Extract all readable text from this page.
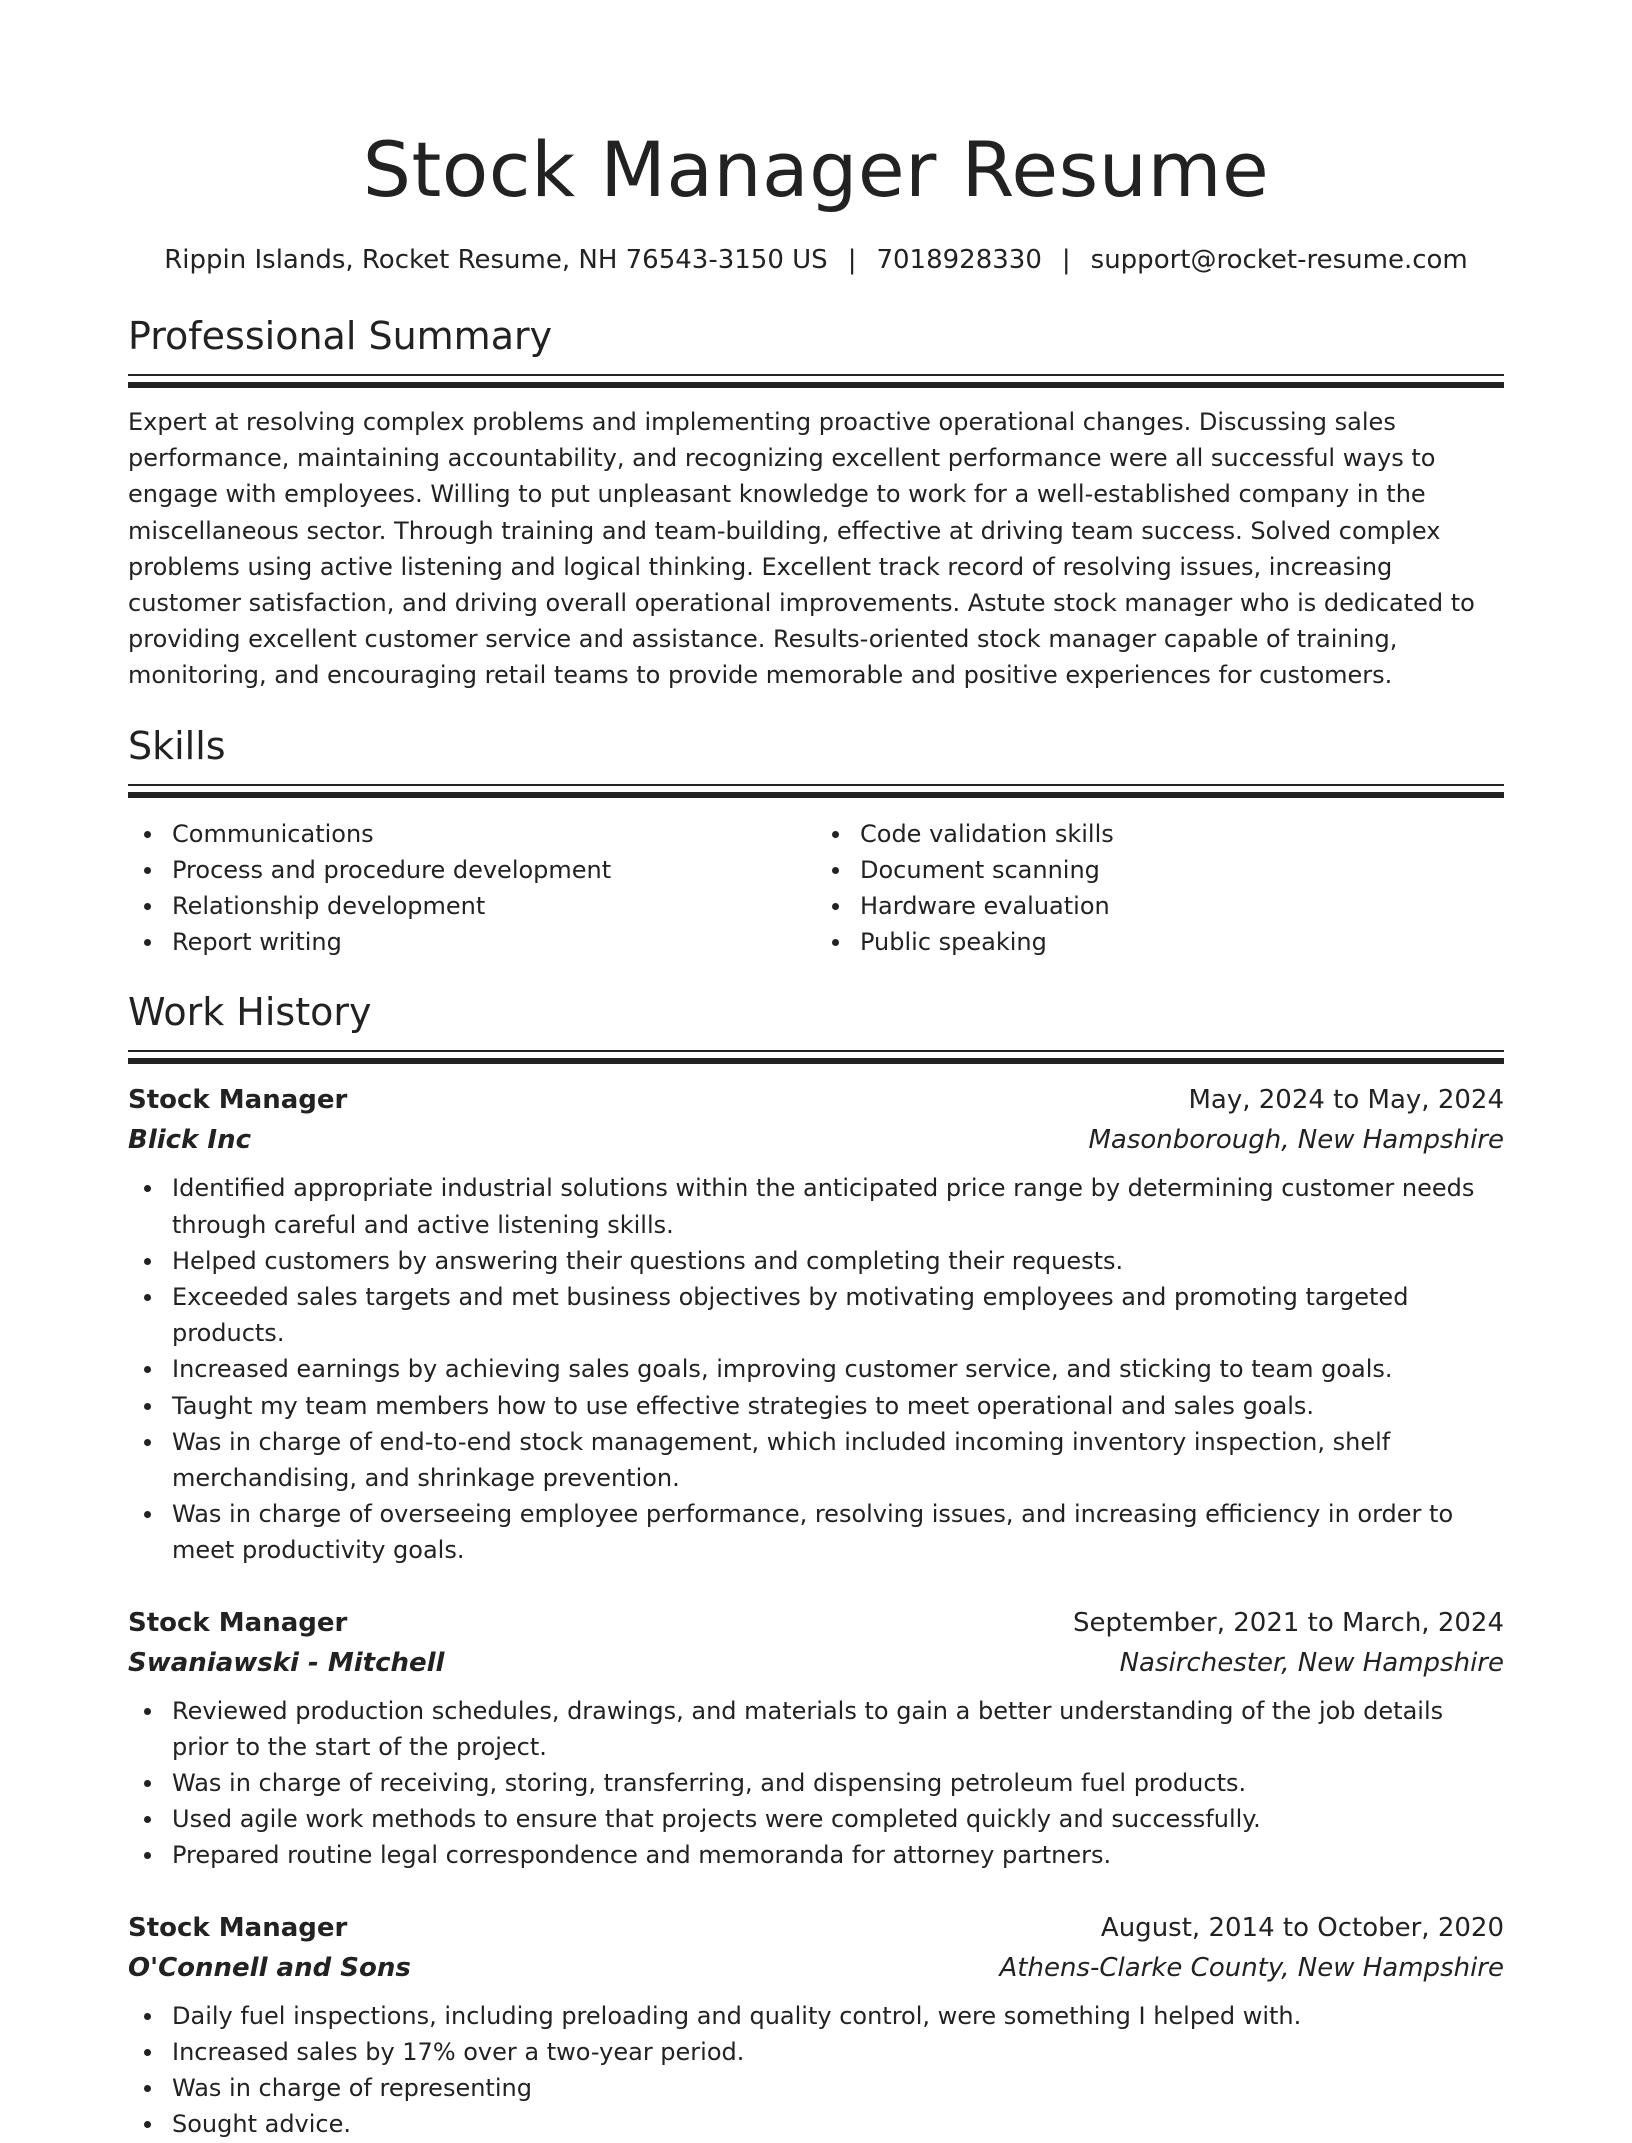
Stock Manager Resume
Rippin Islands, Rocket Resume, NH 76543-3150 US | 7018928330 | support@rocket-resume.com
Professional Summary

Expert at resolving complex problems and implementing proactive operational changes. Discussing sales performance, maintaining accountability, and recognizing excellent performance were all successful ways to engage with employees. Willing to put unpleasant knowledge to work for a well-established company in the miscellaneous sector. Through training and team-building, effective at driving team success. Solved complex problems using active listening and logical thinking. Excellent track record of resolving issues, increasing customer satisfaction, and driving overall operational improvements. Astute stock manager who is dedicated to providing excellent customer service and assistance. Results-oriented stock manager capable of training, monitoring, and encouraging retail teams to provide memorable and positive experiences for customers.

Skills
Communications
Process and procedure development
Relationship development
Report writing
Code validation skills
Document scanning
Hardware evaluation
Public speaking
Work History
Stock Manager	May, 2024 to May, 2024
Blick Inc	Masonborough, New Hampshire
Identified appropriate industrial solutions within the anticipated price range by determining customer needs through careful and active listening skills.
Helped customers by answering their questions and completing their requests.
Exceeded sales targets and met business objectives by motivating employees and promoting targeted products.
Increased earnings by achieving sales goals, improving customer service, and sticking to team goals.
Taught my team members how to use effective strategies to meet operational and sales goals.
Was in charge of end-to-end stock management, which included incoming inventory inspection, shelf merchandising, and shrinkage prevention.
Was in charge of overseeing employee performance, resolving issues, and increasing efficiency in order to meet productivity goals.
Stock Manager	September, 2021 to March, 2024
Swaniawski - Mitchell	Nasirchester, New Hampshire
Reviewed production schedules, drawings, and materials to gain a better understanding of the job details prior to the start of the project.
Was in charge of receiving, storing, transferring, and dispensing petroleum fuel products.
Used agile work methods to ensure that projects were completed quickly and successfully.
Prepared routine legal correspondence and memoranda for attorney partners.
Stock Manager	August, 2014 to October, 2020
O'Connell and Sons	Athens-Clarke County, New Hampshire
Daily fuel inspections, including preloading and quality control, were something I helped with.
Increased sales by 17% over a two-year period.
Was in charge of representing
Sought advice.
